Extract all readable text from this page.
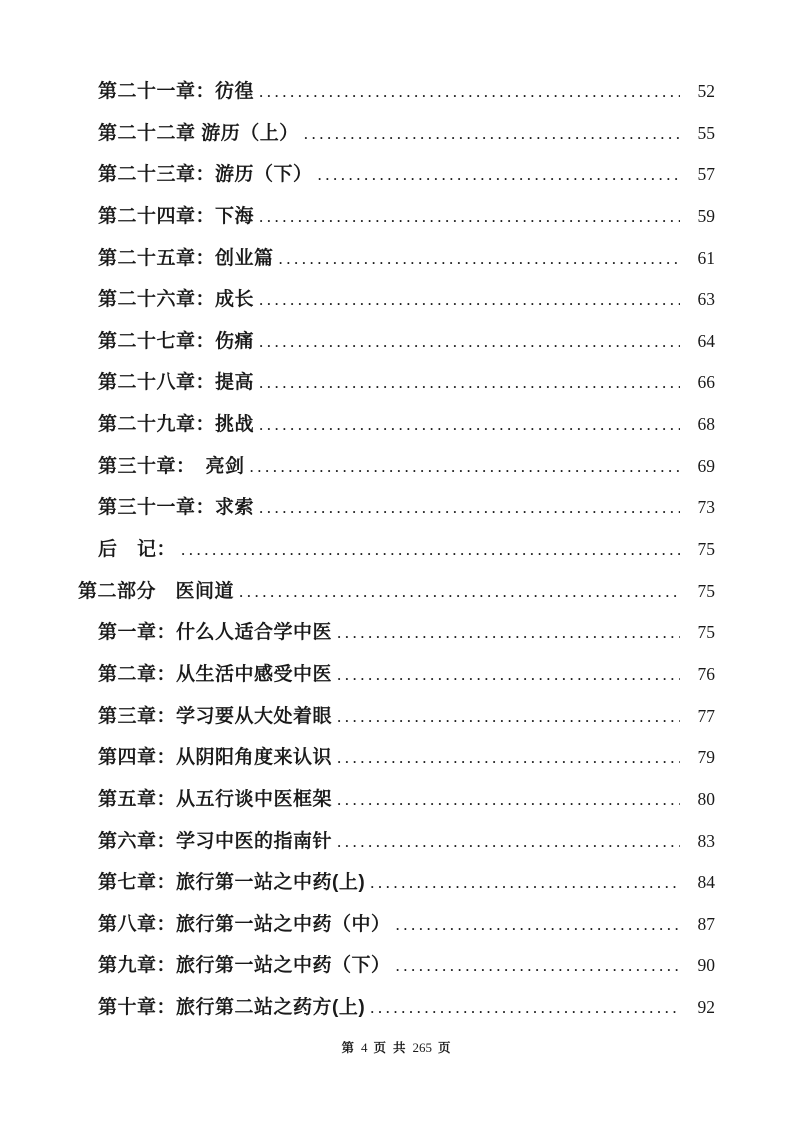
第二十一章：彷徨 .....	52
第二十二章 游历（上） .....	55
第二十三章：游历（下） .....	57
第二十四章：下海 .....	59
第二十五章：创业篇 .....	61
第二十六章：成长 .....	63
第二十七章：伤痛 .....	64
第二十八章：提高 .....	66
第二十九章：挑战 .....	68
第三十章：　亮剑 .....	69
第三十一章：求索 .....	73
后　记： .....	75
第二部分　医间道 .....	75
第一章：什么人适合学中医 .....	75
第二章：从生活中感受中医 .....	76
第三章：学习要从大处着眼 .....	77
第四章：从阴阳角度来认识 .....	79
第五章：从五行谈中医框架 .....	80
第六章：学习中医的指南针 .....	83
第七章：旅行第一站之中药(上) .....	84
第八章：旅行第一站之中药（中） .....	87
第九章：旅行第一站之中药（下） .....	90
第十章：旅行第二站之药方(上) .....	92
第 4 页 共 265 页
